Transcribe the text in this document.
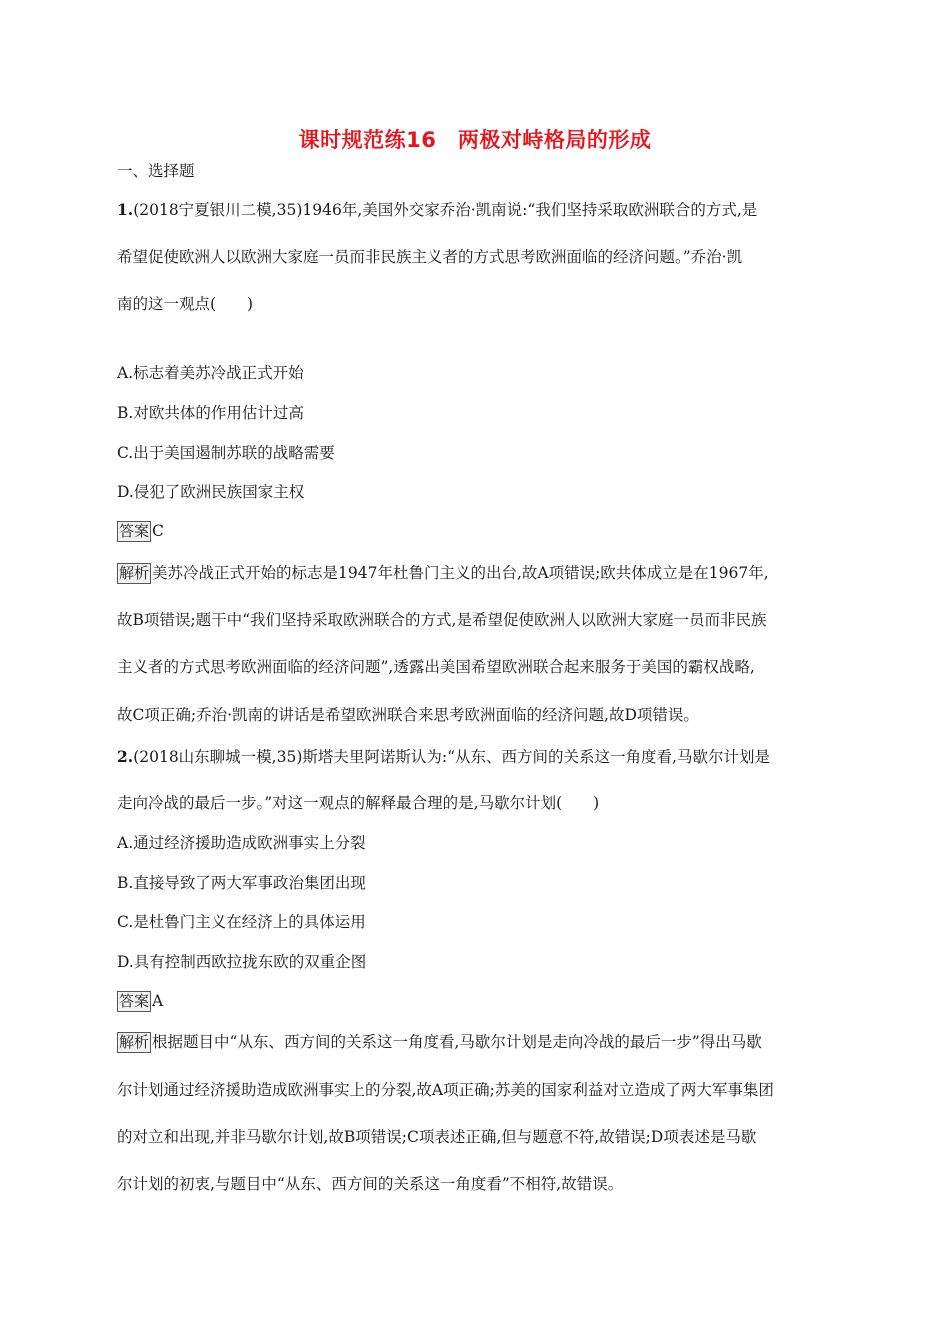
课时规范练16　两极对峙格局的形成
一、选择题
1.(2018宁夏银川二模,35)1946年,美国外交家乔治·凯南说:“我们坚持采取欧洲联合的方式,是
希望促使欧洲人以欧洲大家庭一员而非民族主义者的方式思考欧洲面临的经济问题。”乔治·凯
南的这一观点(　　)
A.标志着美苏冷战正式开始
B.对欧共体的作用估计过高
C.出于美国遏制苏联的战略需要
D.侵犯了欧洲民族国家主权
答案 C
解析 美苏冷战正式开始的标志是1947年杜鲁门主义的出台,故A项错误;欧共体成立是在1967年,
故B项错误;题干中“我们坚持采取欧洲联合的方式,是希望促使欧洲人以欧洲大家庭一员而非民族
主义者的方式思考欧洲面临的经济问题”,透露出美国希望欧洲联合起来服务于美国的霸权战略,
故C项正确;乔治·凯南的讲话是希望欧洲联合来思考欧洲面临的经济问题,故D项错误。
2.(2018山东聊城一模,35)斯塔夫里阿诺斯认为:“从东、西方间的关系这一角度看,马歇尔计划是
走向冷战的最后一步。”对这一观点的解释最合理的是,马歇尔计划(　　)
A.通过经济援助造成欧洲事实上分裂
B.直接导致了两大军事政治集团出现
C.是杜鲁门主义在经济上的具体运用
D.具有控制西欧拉拢东欧的双重企图
答案 A
解析 根据题目中“从东、西方间的关系这一角度看,马歇尔计划是走向冷战的最后一步”得出马歇
尔计划通过经济援助造成欧洲事实上的分裂,故A项正确;苏美的国家利益对立造成了两大军事集团
的对立和出现,并非马歇尔计划,故B项错误;C项表述正确,但与题意不符,故错误;D项表述是马歇
尔计划的初衷,与题目中“从东、西方间的关系这一角度看”不相符,故错误。
